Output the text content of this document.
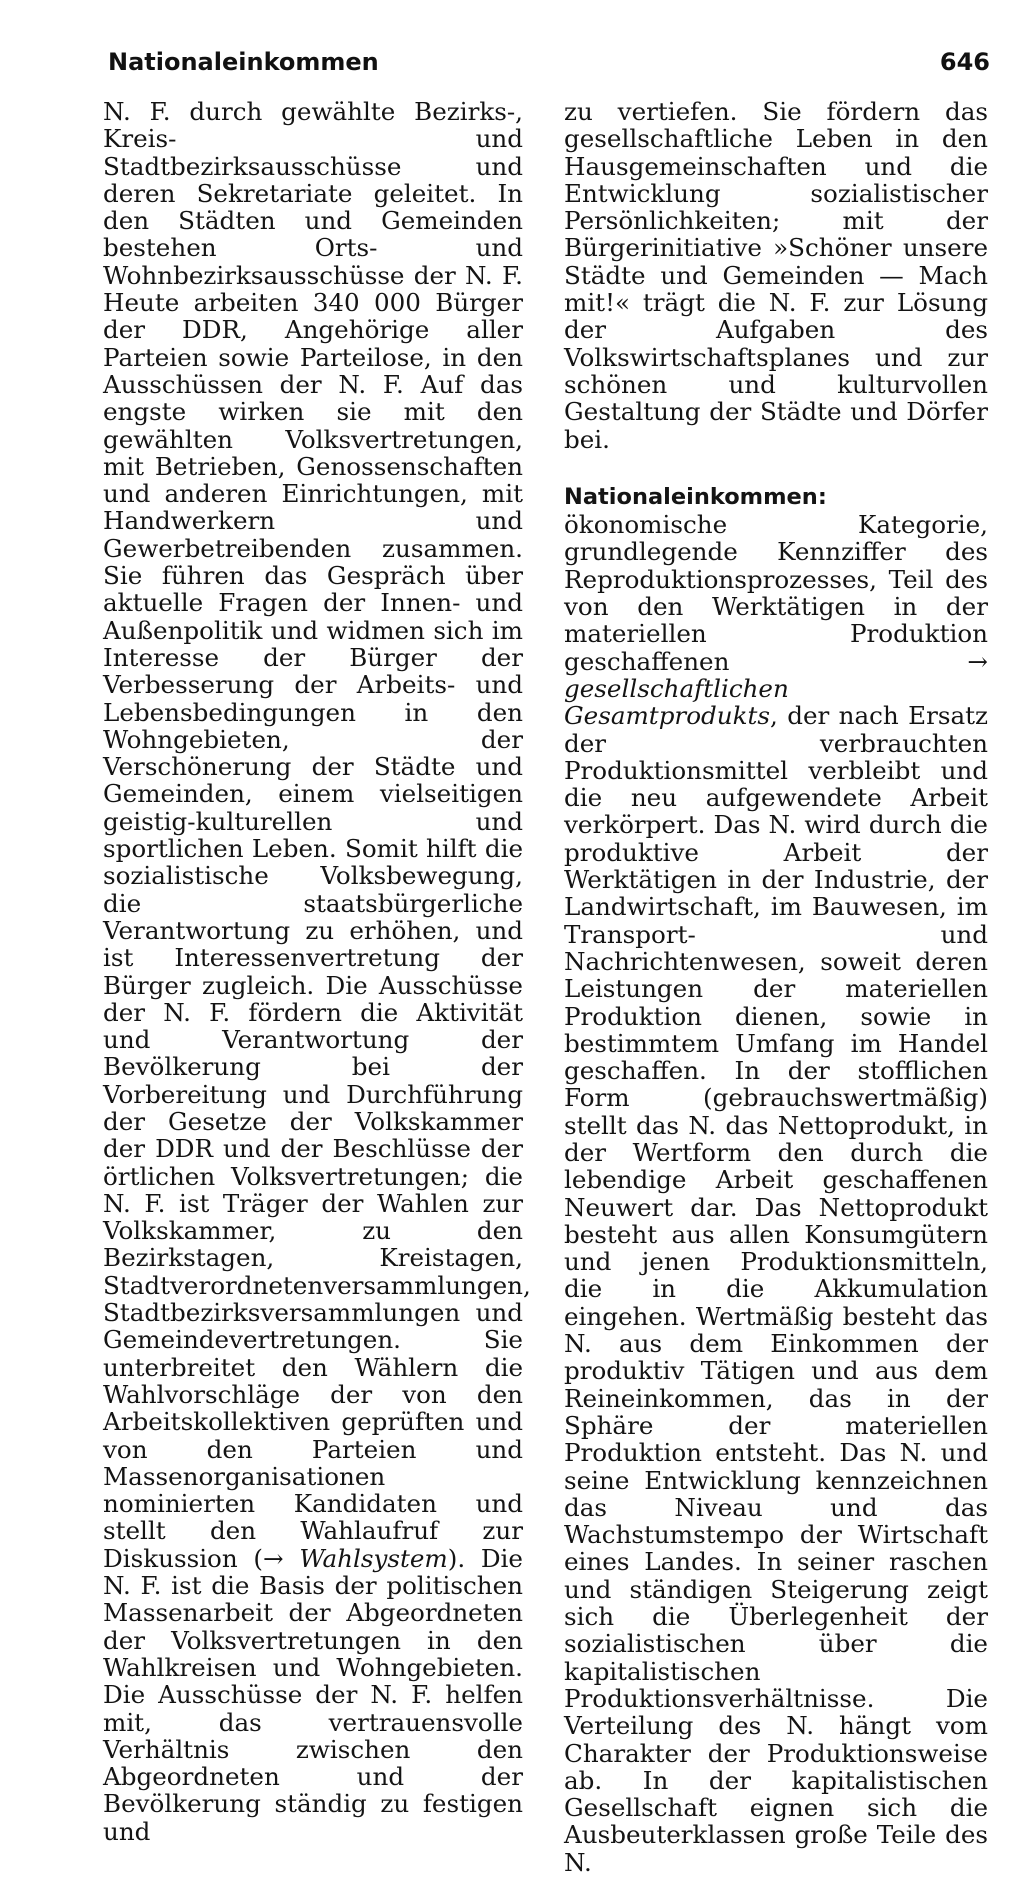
Nationaleinkommen	646

N. F. durch gewählte Bezirks-, Kreis- und Stadtbezirksausschüsse und deren Sekretariate geleitet. In den Städten und Gemeinden bestehen Orts- und Wohnbezirksausschüsse der N. F. Heute arbeiten 340 000 Bürger der DDR, Angehörige aller Parteien sowie Parteilose, in den Ausschüssen der N. F. Auf das engste wirken sie mit den gewählten Volksvertretungen, mit Betrieben, Genossenschaften und anderen Einrichtungen, mit Handwerkern und Gewerbetreibenden zusammen. Sie führen das Gespräch über aktuelle Fragen der Innen- und Außenpolitik und widmen sich im Interesse der Bürger der Verbesserung der Arbeits- und Lebensbedingungen in den Wohngebieten, der Verschönerung der Städte und Gemeinden, einem vielseitigen geistig-kulturellen und sportlichen Leben. Somit hilft die sozialistische Volksbewegung, die staatsbürgerliche Verantwortung zu erhöhen, und ist Interessenvertretung der Bürger zugleich. Die Ausschüsse der N. F. fördern die Aktivität und Verantwortung der Bevölkerung bei der Vorbereitung und Durchführung der Gesetze der Volkskammer der DDR und der Beschlüsse der örtlichen Volksvertretungen; die N. F. ist Träger der Wahlen zur Volkskammer, zu den Bezirkstagen, Kreistagen, Stadtverordnetenversammlungen, Stadtbezirksversammlungen und Gemeindevertretungen. Sie unterbreitet den Wählern die Wahlvorschläge der von den Arbeitskollektiven geprüften und von den Parteien und Massenorganisationen nominierten Kandidaten und stellt den Wahlaufruf zur Diskussion (→ Wahlsystem). Die N. F. ist die Basis der politischen Massenarbeit der Abgeordneten der Volksvertretungen in den Wahlkreisen und Wohngebieten. Die Ausschüsse der N. F. helfen mit, das vertrauensvolle Verhältnis zwischen den Abgeordneten und der Bevölkerung ständig zu festigen und

zu vertiefen. Sie fördern das gesellschaftliche Leben in den Hausgemeinschaften und die Entwicklung sozialistischer Persönlichkeiten; mit der Bürgerinitiative »Schöner unsere Städte und Gemeinden — Mach mit!« trägt die N. F. zur Lösung der Aufgaben des Volkswirtschaftsplanes und zur schönen und kulturvollen Gestaltung der Städte und Dörfer bei.

Nationaleinkommen: ökonomische Kategorie, grundlegende Kennziffer des Reproduktionsprozesses, Teil des von den Werktätigen in der materiellen Produktion geschaffenen → gesellschaftlichen Gesamtprodukts, der nach Ersatz der verbrauchten Produktionsmittel verbleibt und die neu aufgewendete Arbeit verkörpert. Das N. wird durch die produktive Arbeit der Werktätigen in der Industrie, der Landwirtschaft, im Bauwesen, im Transport- und Nachrichtenwesen, soweit deren Leistungen der materiellen Produktion dienen, sowie in bestimmtem Umfang im Handel geschaffen. In der stofflichen Form (gebrauchswertmäßig) stellt das N. das Nettoprodukt, in der Wertform den durch die lebendige Arbeit geschaffenen Neuwert dar. Das Nettoprodukt besteht aus allen Konsumgütern und jenen Produktionsmitteln, die in die Akkumulation eingehen. Wertmäßig besteht das N. aus dem Einkommen der produktiv Tätigen und aus dem Reineinkommen, das in der Sphäre der materiellen Produktion entsteht. Das N. und seine Entwicklung kennzeichnen das Niveau und das Wachstumstempo der Wirtschaft eines Landes. In seiner raschen und ständigen Steigerung zeigt sich die Überlegenheit der sozialistischen über die kapitalistischen Produktionsverhältnisse. Die Verteilung des N. hängt vom Charakter der Produktionsweise ab. In der kapitalistischen Gesellschaft eignen sich die Ausbeuterklassen große Teile des N.
